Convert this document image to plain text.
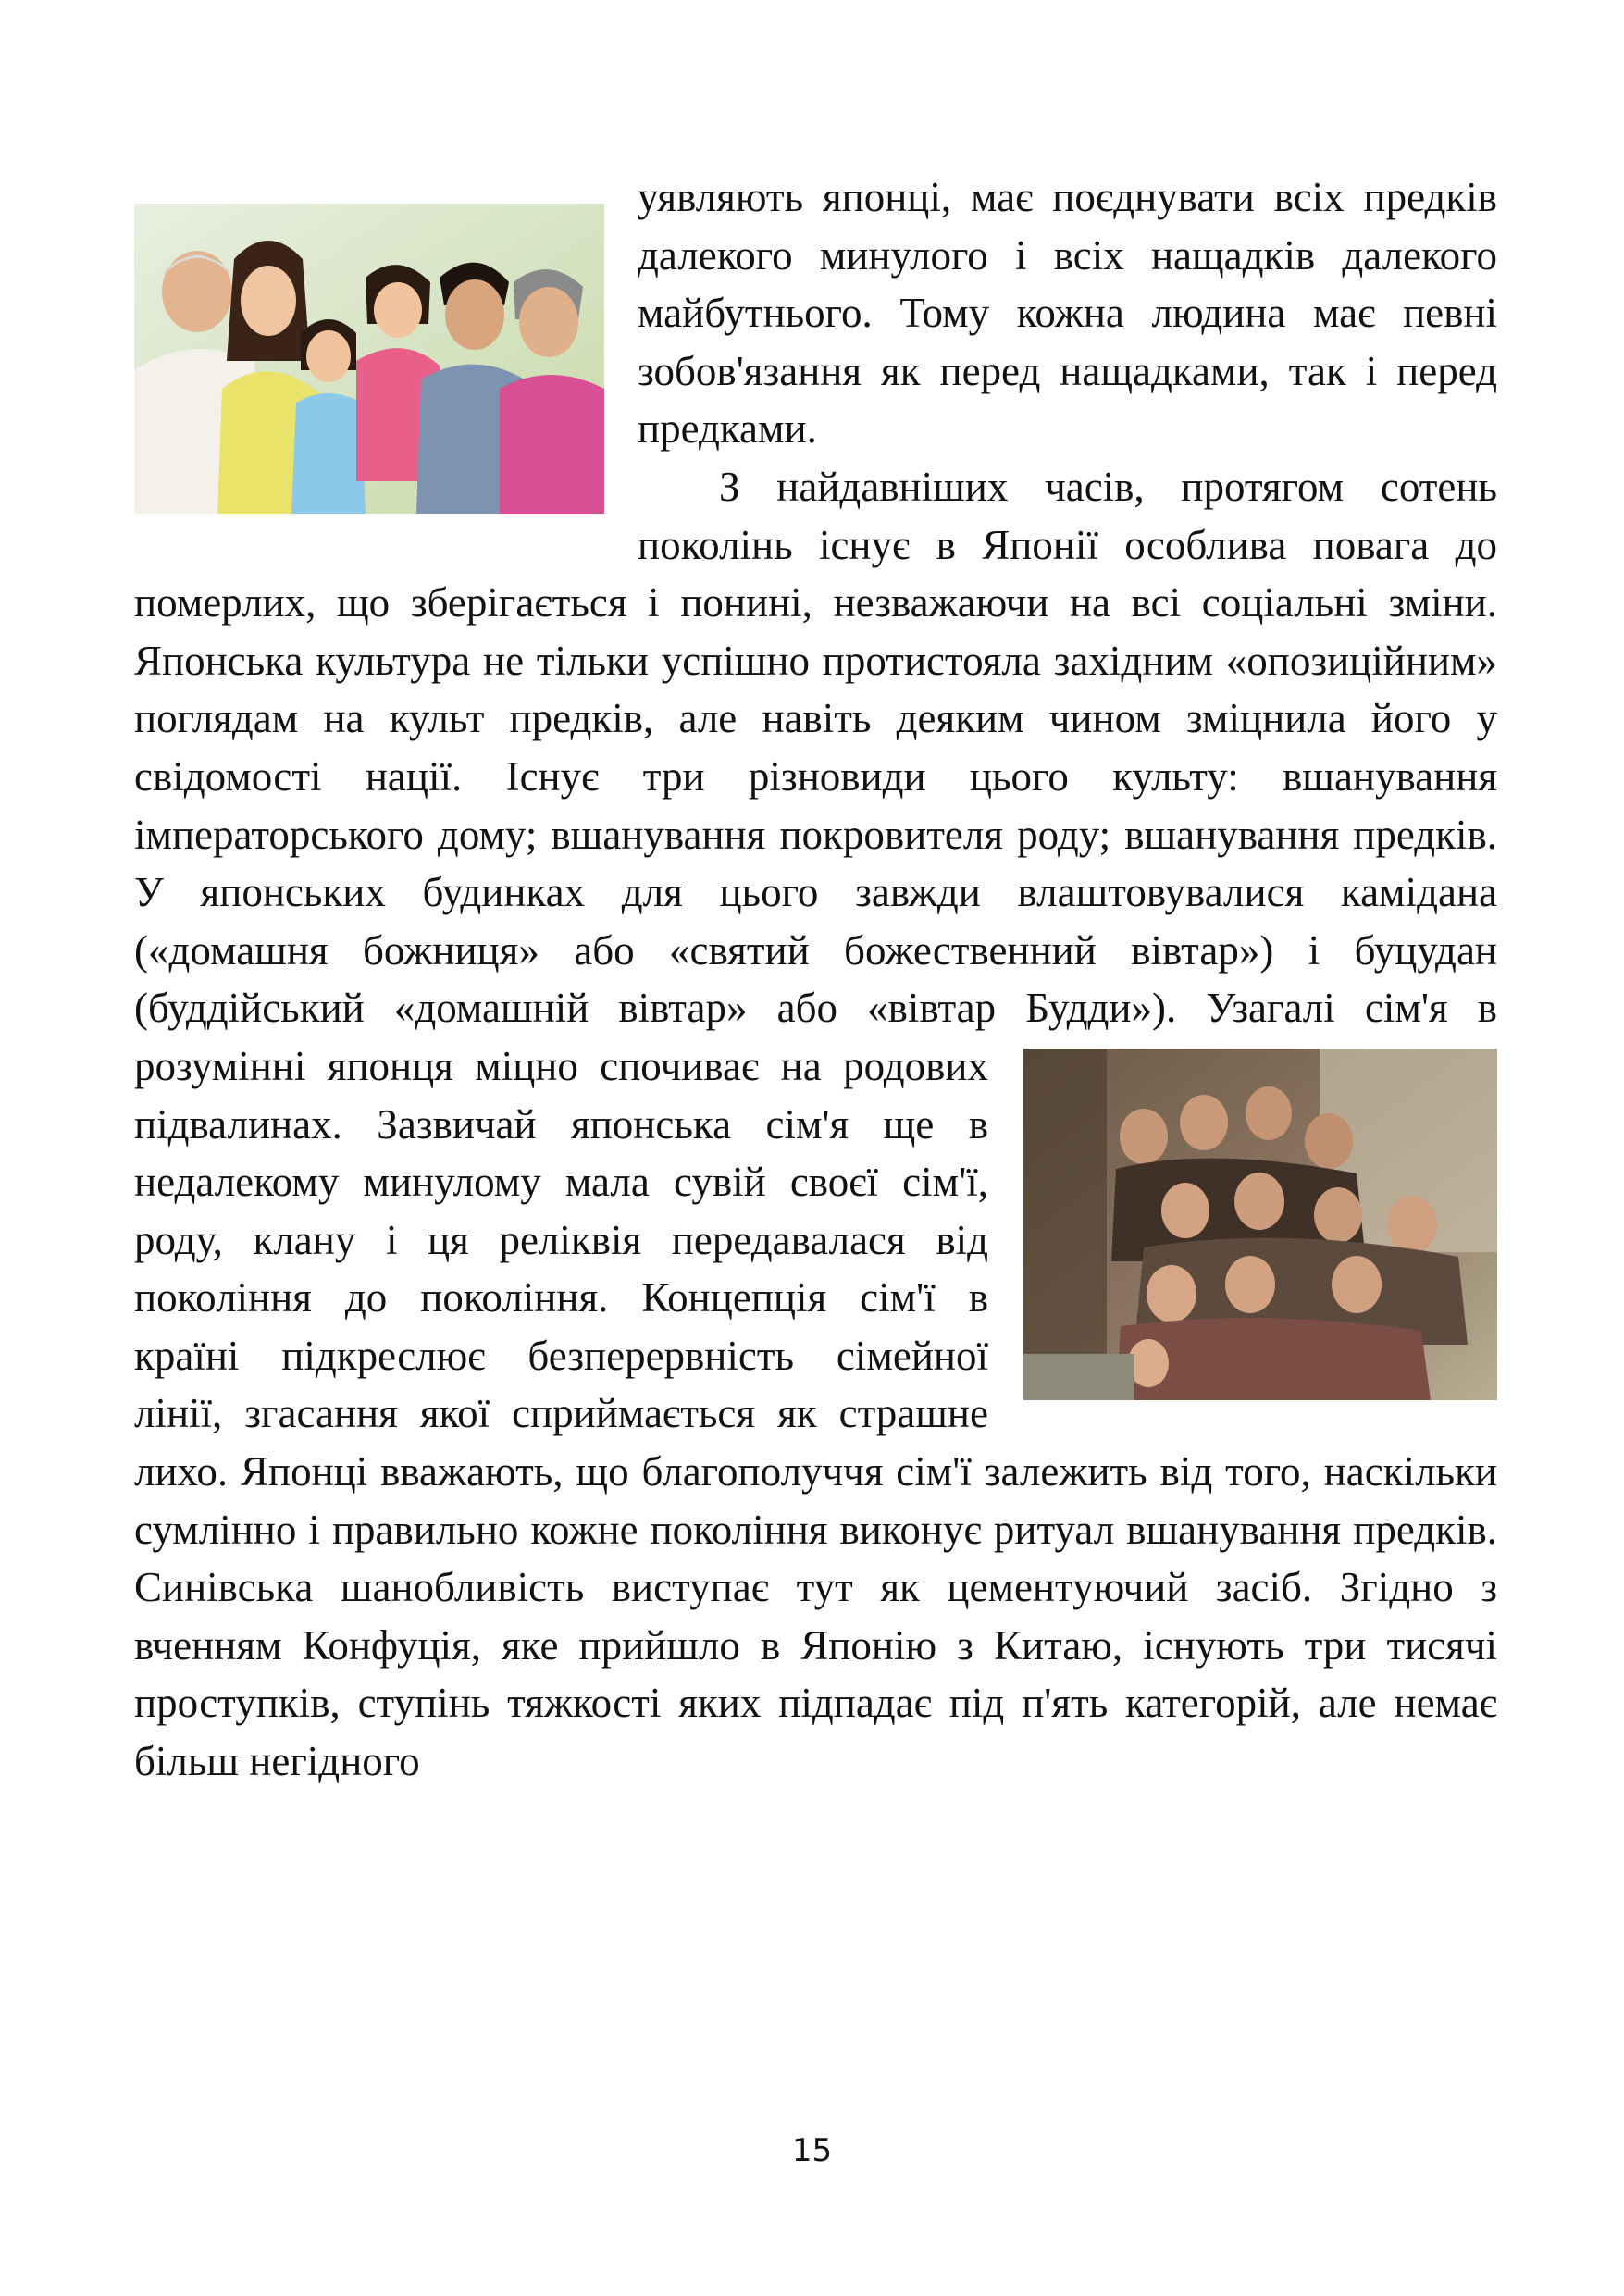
уявляють японці, має поєднувати всіх предків далекого минулого і всіх нащадків далекого майбутнього. Тому кожна людина має певні зобов'язання як перед нащадками, так і перед предками.

З найдавніших часів, протягом сотень поколінь існує в Японії особлива повага до померлих, що зберігається і понині, незважаючи на всі соціальні зміни. Японська культура не тільки успішно протистояла західним «опозиційним» поглядам на культ предків, але навіть деяким чином зміцнила його у свідомості нації. Існує три різновиди цього культу: вшанування імператорського дому; вшанування покровителя роду; вшанування предків. У японських будинках для цього завжди влаштовувалися камідана («домашня божниця» або «святий божественний вівтар») і буцудан (буддійський «домашній вівтар» або «вівтар Будди»). Узагалі сім'я в розумінні японця міцно спочиває на родових підвалинах. Зазвичай японська сім'я ще в недалекому минулому мала сувій своєї сім'ї, роду, клану і ця реліквія передавалася від покоління до покоління. Концепція сім'ї в країні підкреслює безперервність сімейної лінії, згасання якої сприймається як страшне лихо. Японці вважають, що благополуччя сім'ї залежить від того, наскільки сумлінно і правильно кожне покоління виконує ритуал вшанування предків. Синівська шанобливість виступає тут як цементуючий засіб. Згідно з вченням Конфуція, яке прийшло в Японію з Китаю, існують три тисячі проступків, ступінь тяжкості яких підпадає під п'ять категорій, але немає більш негідного

15
